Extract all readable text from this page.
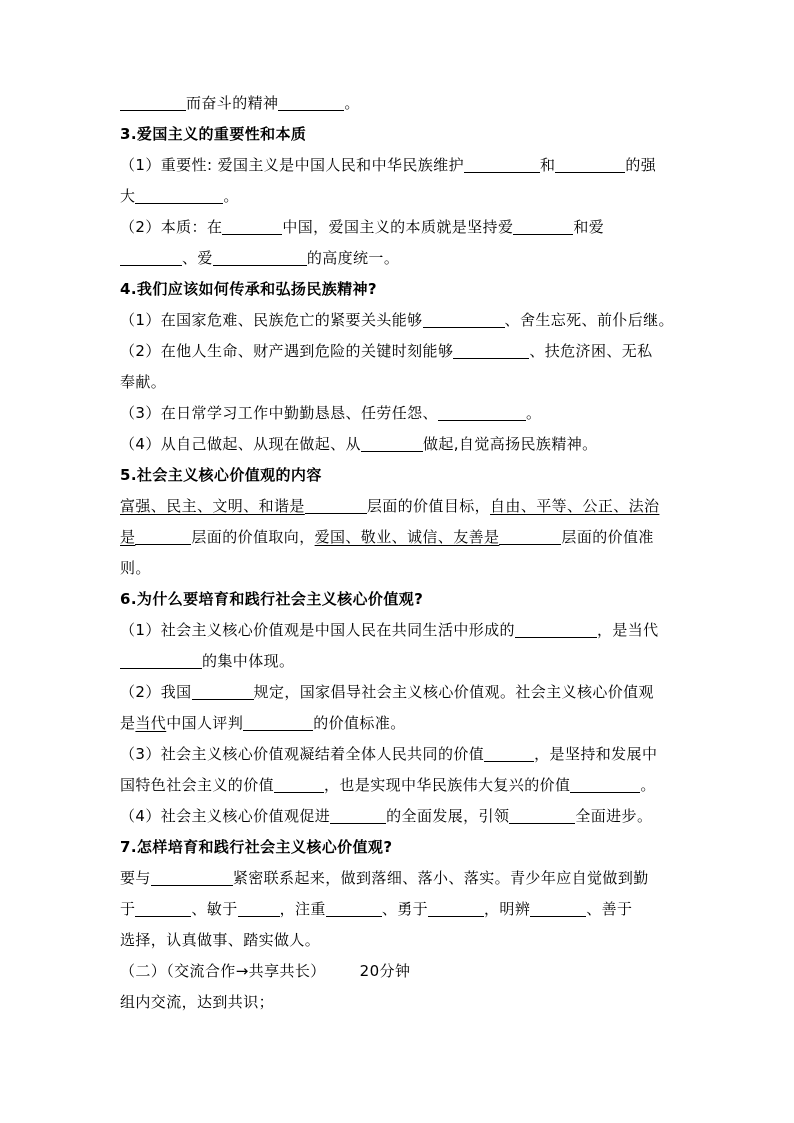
而奋斗的精神	。
3.爱国主义的重要性和本质
（1）重要性: 爱国主义是中国人民和中华民族维护	和	的强
大	。
（2）本质：在	中国，爱国主义的本质就是坚持爱	和爱
、爱	的高度统一。
4.我们应该如何传承和弘扬民族精神?
（1）在国家危难、民族危亡的紧要关头能够	、舍生忘死、前仆后继。
（2）在他人生命、财产遇到危险的关键时刻能够	、扶危济困、无私
奉献。
（3）在日常学习工作中勤勤恳恳、任劳任怨、	。
（4）从自己做起、从现在做起、从	做起,自觉高扬民族精神。
5.社会主义核心价值观的内容
富强、民主、文明、和谐是	层面的价值目标，自由、平等、公正、法治
是	层面的价值取向，爱国、敬业、诚信、友善是	层面的价值准
则。
6.为什么要培育和践行社会主义核心价值观?
（1）社会主义核心价值观是中国人民在共同生活中形成的	，是当代
的集中体现。
（2）我国	规定，国家倡导社会主义核心价值观。社会主义核心价值观
是当代中国人评判	的价值标准。
（3）社会主义核心价值观凝结着全体人民共同的价值	，是坚持和发展中
国特色社会主义的价值	，也是实现中华民族伟大复兴的价值	。
（4）社会主义核心价值观促进	的全面发展，引领	全面进步。
7.怎样培育和践行社会主义核心价值观?
要与	紧密联系起来，做到落细、落小、落实。青少年应自觉做到勤
于	、敏于	，注重	、勇于	，明辨	、善于
选择，认真做事、踏实做人。
（二）（交流合作→共享共长） 20分钟
组内交流，达到共识；
